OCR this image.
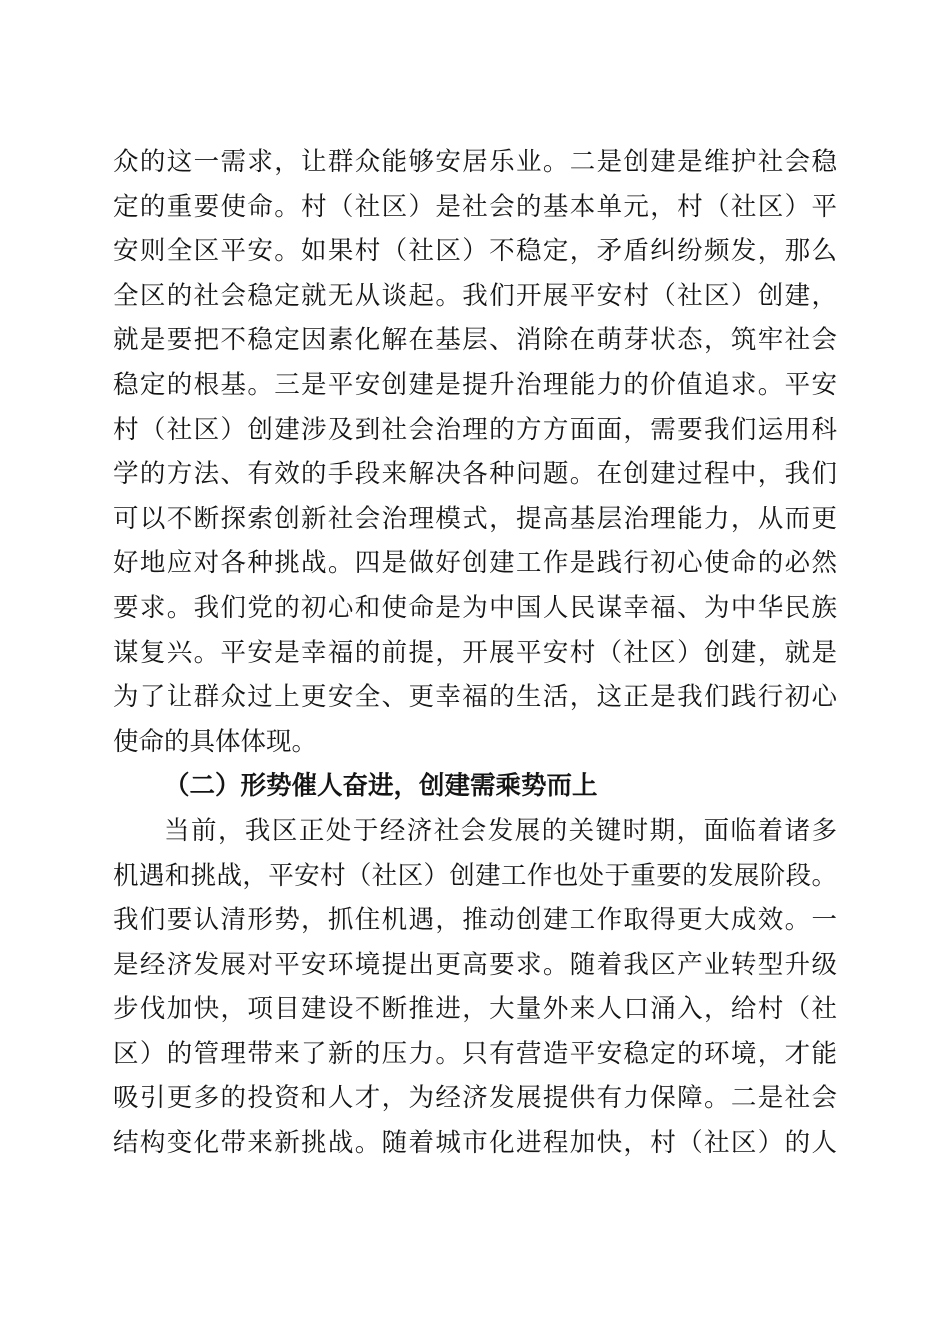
众的这一需求，让群众能够安居乐业。二是创建是维护社会稳
定的重要使命。村（社区）是社会的基本单元，村（社区）平
安则全区平安。如果村（社区）不稳定，矛盾纠纷频发，那么
全区的社会稳定就无从谈起。我们开展平安村（社区）创建，
就是要把不稳定因素化解在基层、消除在萌芽状态，筑牢社会
稳定的根基。三是平安创建是提升治理能力的价值追求。平安
村（社区）创建涉及到社会治理的方方面面，需要我们运用科
学的方法、有效的手段来解决各种问题。在创建过程中，我们
可以不断探索创新社会治理模式，提高基层治理能力，从而更
好地应对各种挑战。四是做好创建工作是践行初心使命的必然
要求。我们党的初心和使命是为中国人民谋幸福、为中华民族
谋复兴。平安是幸福的前提，开展平安村（社区）创建，就是
为了让群众过上更安全、更幸福的生活，这正是我们践行初心
使命的具体体现。
（二）形势催人奋进，创建需乘势而上
当前，我区正处于经济社会发展的关键时期，面临着诸多
机遇和挑战，平安村（社区）创建工作也处于重要的发展阶段。
我们要认清形势，抓住机遇，推动创建工作取得更大成效。一
是经济发展对平安环境提出更高要求。随着我区产业转型升级
步伐加快，项目建设不断推进，大量外来人口涌入，给村（社
区）的管理带来了新的压力。只有营造平安稳定的环境，才能
吸引更多的投资和人才，为经济发展提供有力保障。二是社会
结构变化带来新挑战。随着城市化进程加快，村（社区）的人
